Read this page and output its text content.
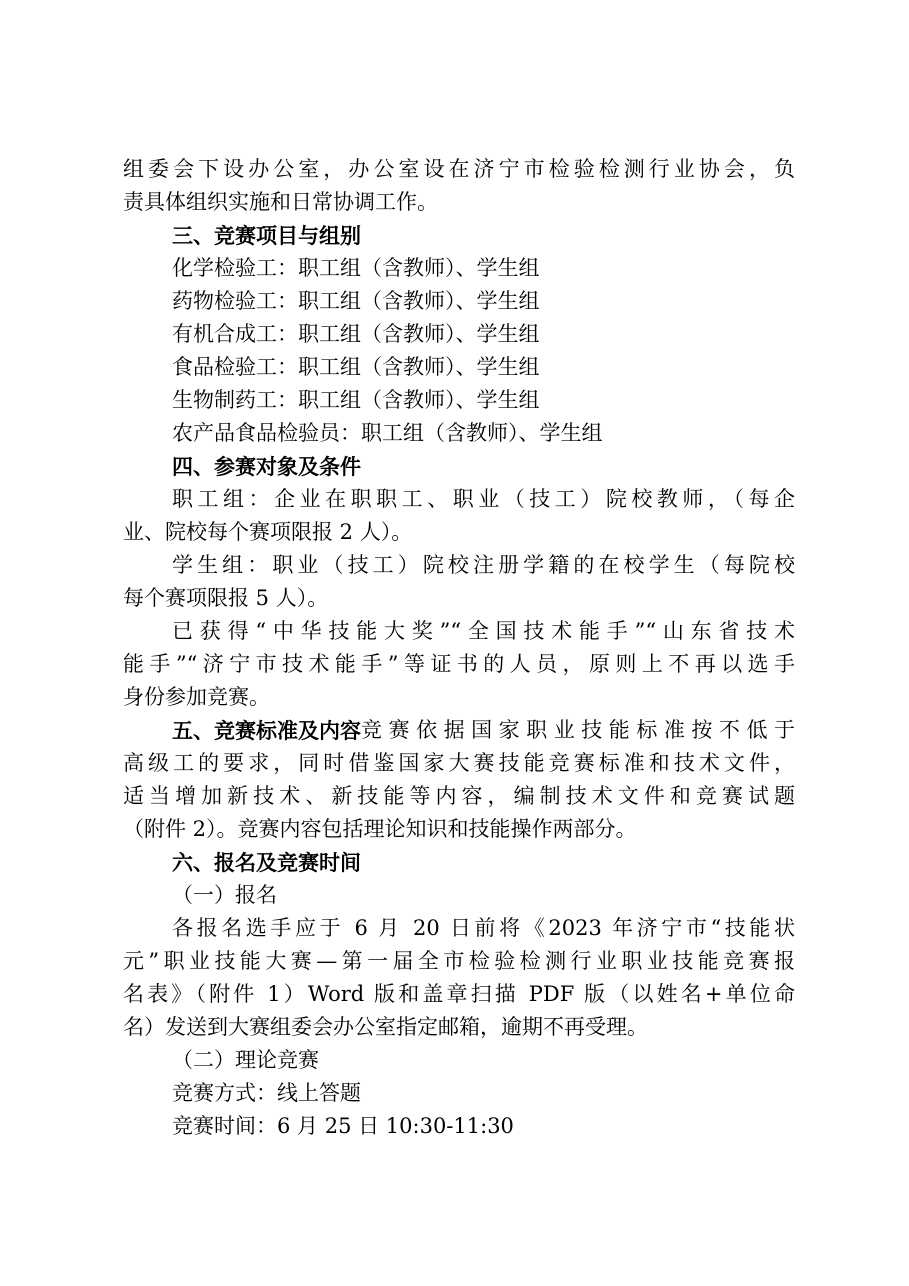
组委会下设办公室，办公室设在济宁市检验检测行业协会，负
责具体组织实施和日常协调工作。
三、竞赛项目与组别
化学检验工：职工组（含教师）、学生组
药物检验工：职工组（含教师）、学生组
有机合成工：职工组（含教师）、学生组
食品检验工：职工组（含教师）、学生组
生物制药工：职工组（含教师）、学生组
农产品食品检验员：职工组（含教师）、学生组
四、参赛对象及条件
职工组：企业在职职工、职业（技工）院校教师，（每企
业、院校每个赛项限报 2 人）。
学生组：职业（技工）院校注册学籍的在校学生（每院校
每个赛项限报 5 人）。
已获得“中华技能大奖”“全国技术能手”“山东省技术
能手”“济宁市技术能手”等证书的人员，原则上不再以选手
身份参加竞赛。
五、竞赛标准及内容 竞赛依据国家职业技能标准按不低于
高级工的要求，同时借鉴国家大赛技能竞赛标准和技术文件，
适当增加新技术、新技能等内容，编制技术文件和竞赛试题
（附件 2）。竞赛内容包括理论知识和技能操作两部分。
六、报名及竞赛时间
（一）报名
各报名选手应于 6 月 20 日前将《2023 年济宁市“技能状
元”职业技能大赛—第一届全市检验检测行业职业技能竞赛报
名表》（附件 1）Word 版和盖章扫描 PDF 版（以姓名+单位命
名）发送到大赛组委会办公室指定邮箱，逾期不再受理。
（二）理论竞赛
竞赛方式：线上答题
竞赛时间：6 月 25 日 10:30-11:30
